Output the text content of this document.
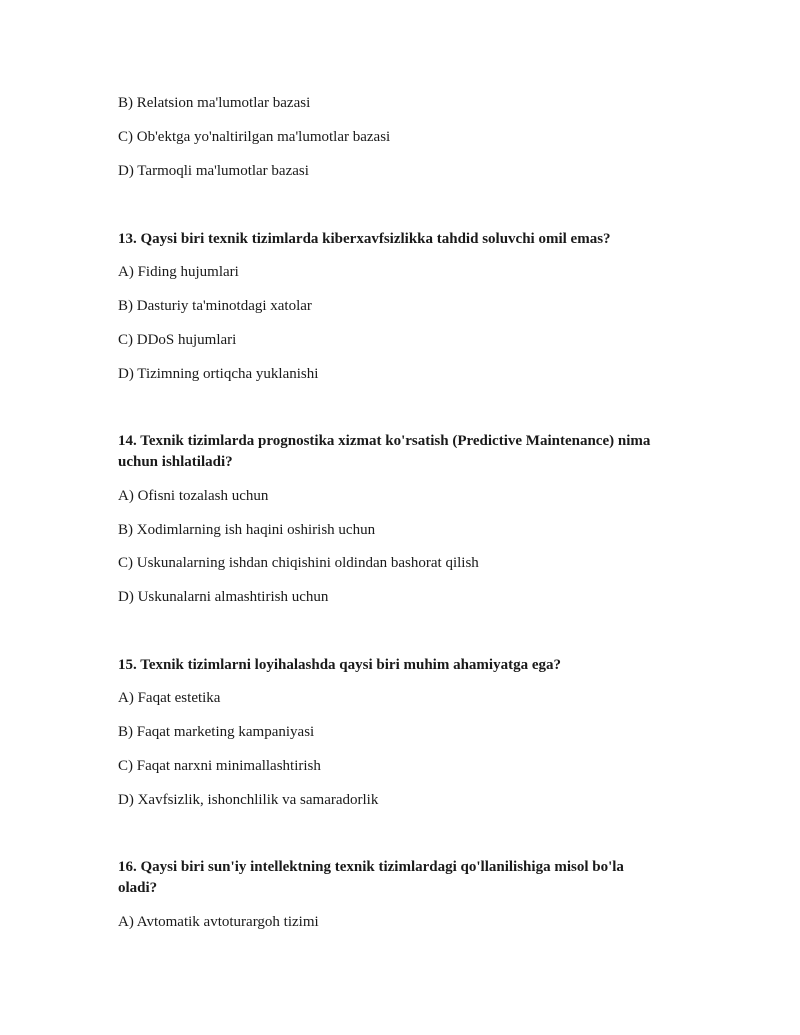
B) Relatsion ma'lumotlar bazasi
C) Ob'ektga yo'naltirilgan ma'lumotlar bazasi
D) Tarmoqli ma'lumotlar bazasi
13. Qaysi biri texnik tizimlarda kiberxavfsizlikka tahdid soluvchi omil emas?
A) Fiding hujumlari
B) Dasturiy ta'minotdagi xatolar
C) DDoS hujumlari
D) Tizimning ortiqcha yuklanishi
14. Texnik tizimlarda prognostika xizmat ko'rsatish (Predictive Maintenance) nima uchun ishlatiladi?
A) Ofisni tozalash uchun
B) Xodimlarning ish haqini oshirish uchun
C) Uskunalarning ishdan chiqishini oldindan bashorat qilish
D) Uskunalarni almashtirish uchun
15. Texnik tizimlarni loyihalashda qaysi biri muhim ahamiyatga ega?
A) Faqat estetika
B) Faqat marketing kampaniyasi
C) Faqat narxni minimallashtirish
D) Xavfsizlik, ishonchlilik va samaradorlik
16. Qaysi biri sun'iy intellektning texnik tizimlardagi qo'llanilishiga misol bo'la oladi?
A) Avtomatik avtoturargoh tizimi
